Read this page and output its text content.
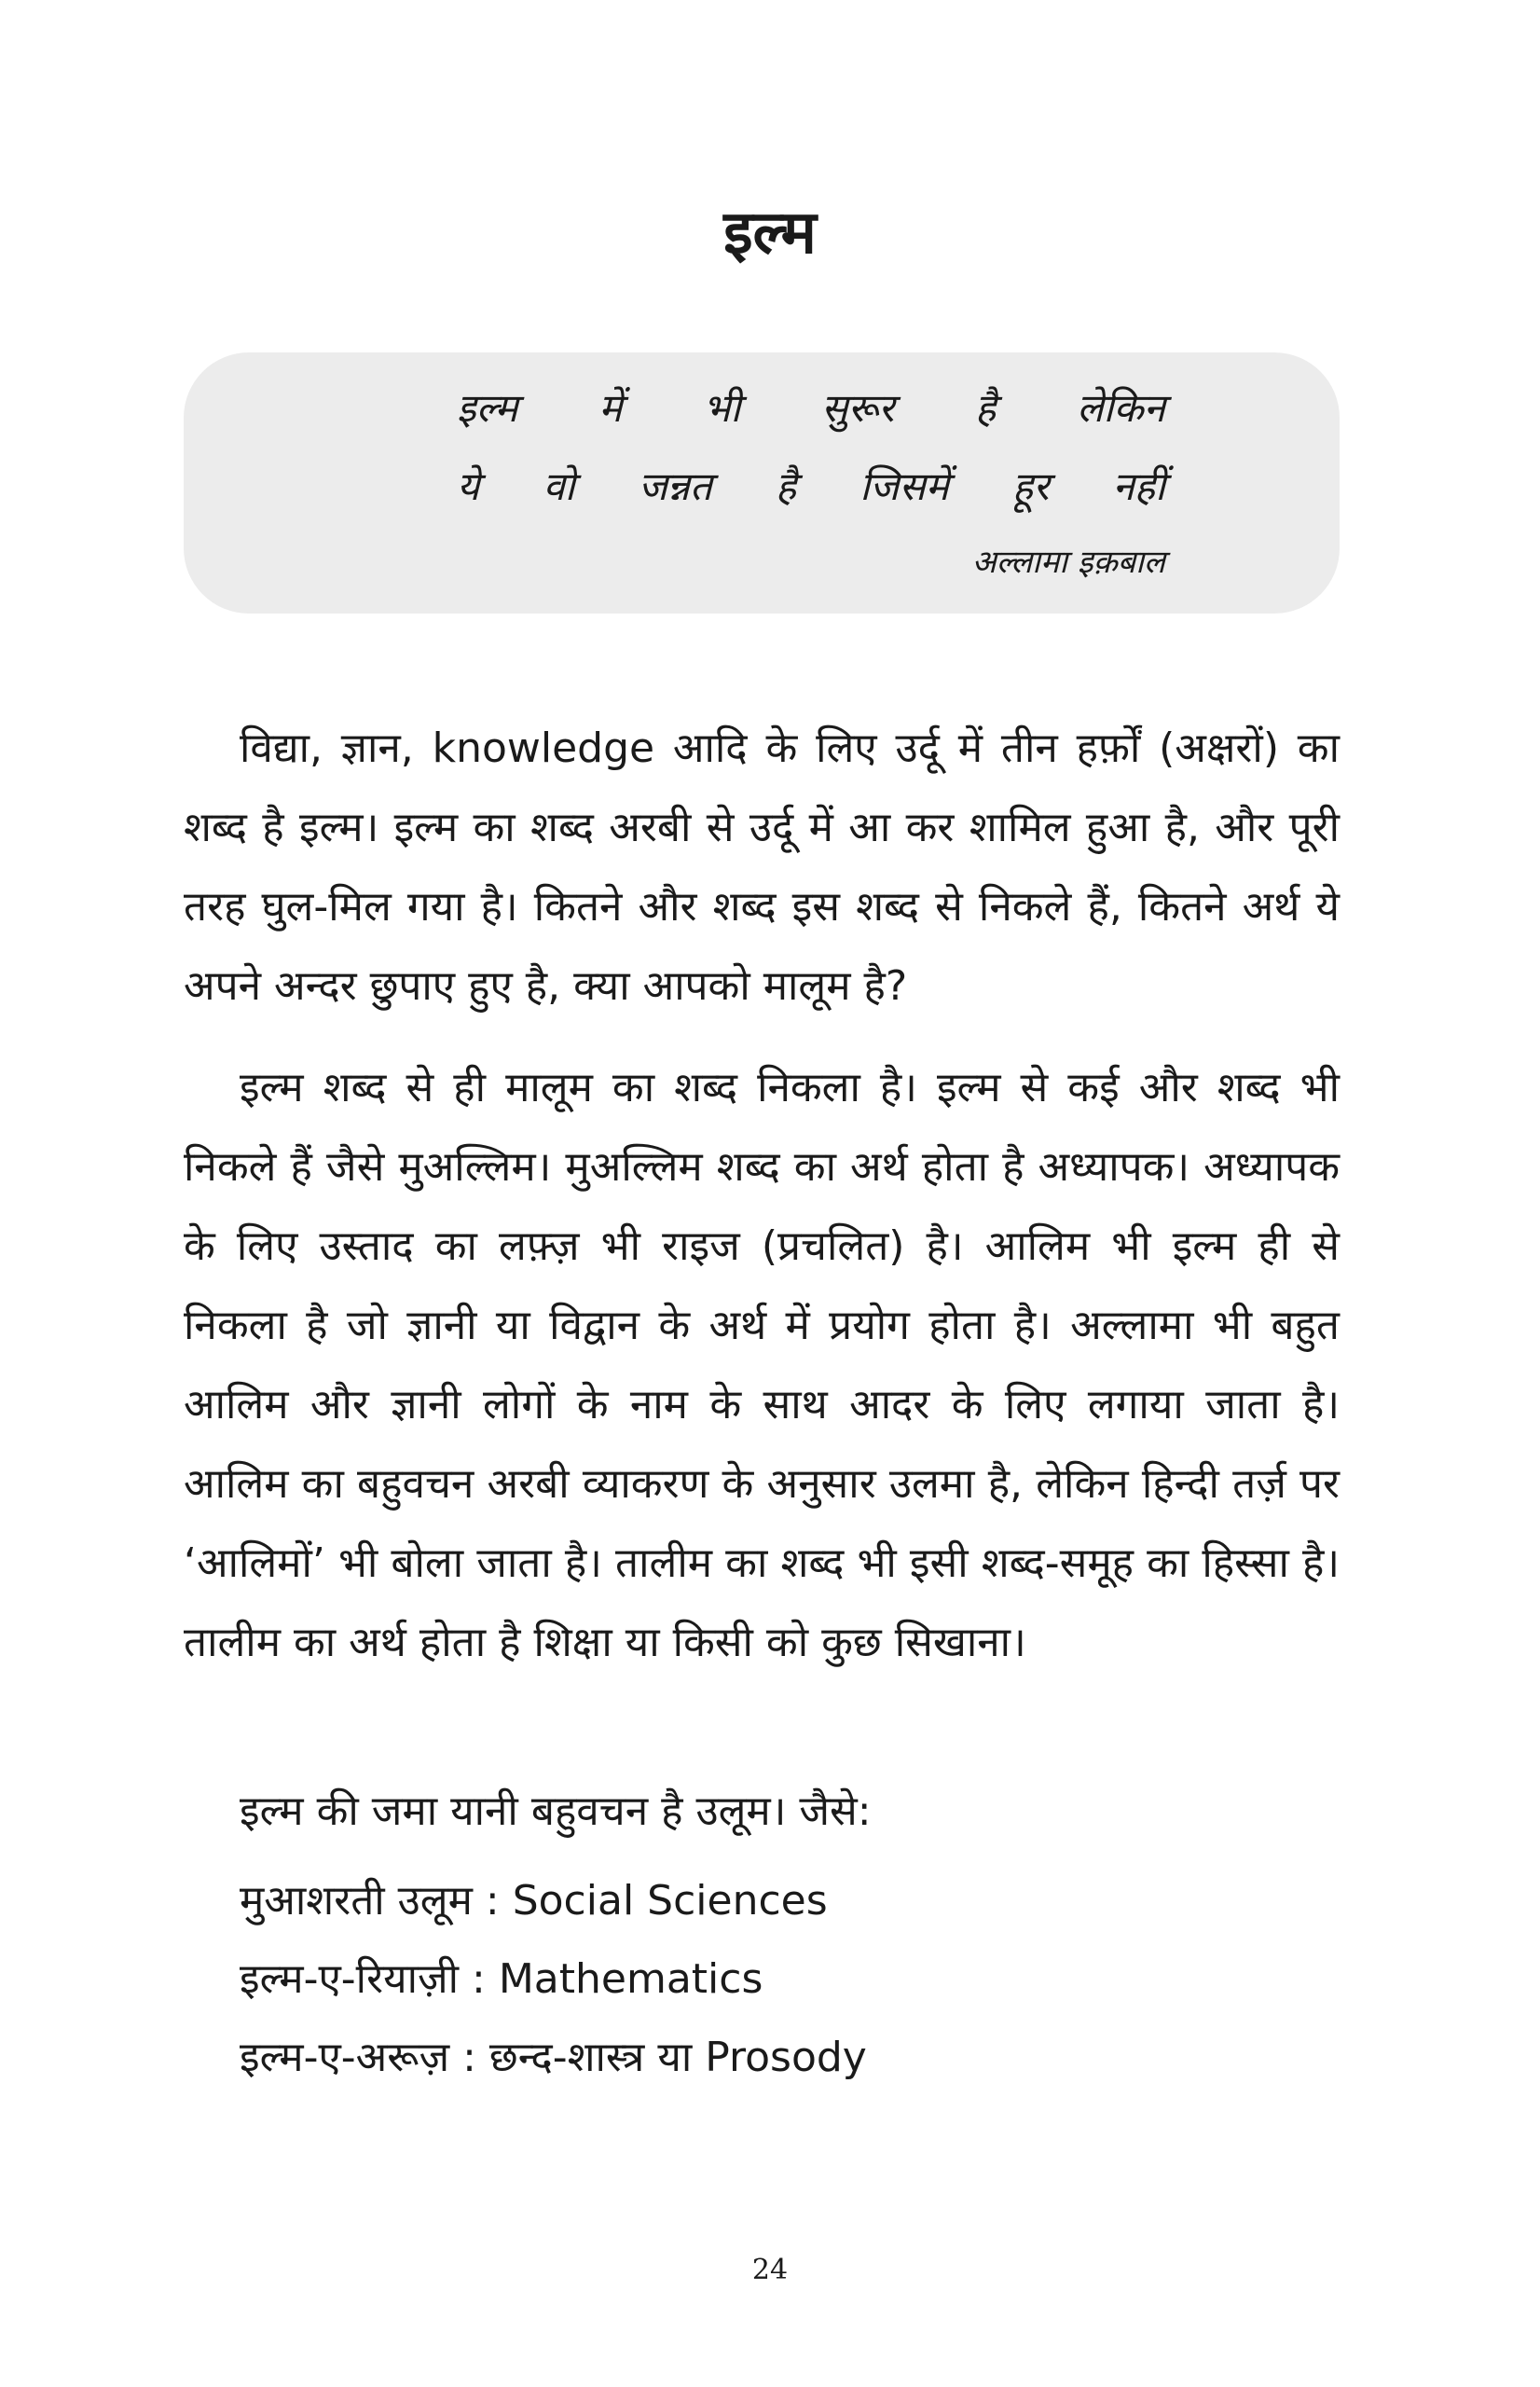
इल्म
इल्म में भी सुरूर है लेकिन
ये वो जन्नत है जिसमें हूर नहीं
अल्लामा इक़बाल

विद्या, ज्ञान, knowledge आदि के लिए उर्दू में तीन हर्फ़ों (अक्षरों) का शब्द है इल्म। इल्म का शब्द अरबी से उर्दू में आ कर शामिल हुआ है, और पूरी तरह घुल-मिल गया है। कितने और शब्द इस शब्द से निकले हैं, कितने अर्थ ये अपने अन्दर छुपाए हुए है, क्या आपको मालूम है?

इल्म शब्द से ही मालूम का शब्द निकला है। इल्म से कई और शब्द भी निकले हैं जैसे मुअल्लिम। मुअल्लिम शब्द का अर्थ होता है अध्यापक। अध्यापक के लिए उस्ताद का लफ़्ज़ भी राइज (प्रचलित) है। आलिम भी इल्म ही से निकला है जो ज्ञानी या विद्वान के अर्थ में प्रयोग होता है। अल्लामा भी बहुत आलिम और ज्ञानी लोगों के नाम के साथ आदर के लिए लगाया जाता है। आलिम का बहुवचन अरबी व्याकरण के अनुसार उलमा है, लेकिन हिन्दी तर्ज़ पर ‘आलिमों’ भी बोला जाता है। तालीम का शब्द भी इसी शब्द-समूह का हिस्सा है। तालीम का अर्थ होता है शिक्षा या किसी को कुछ सिखाना।

इल्म की जमा यानी बहुवचन है उलूम। जैसे:

मुआशरती उलूम : Social Sciences
इल्म-ए-रियाज़ी : Mathematics
इल्म-ए-अरूज़ : छन्द-शास्त्र या Prosody
24
